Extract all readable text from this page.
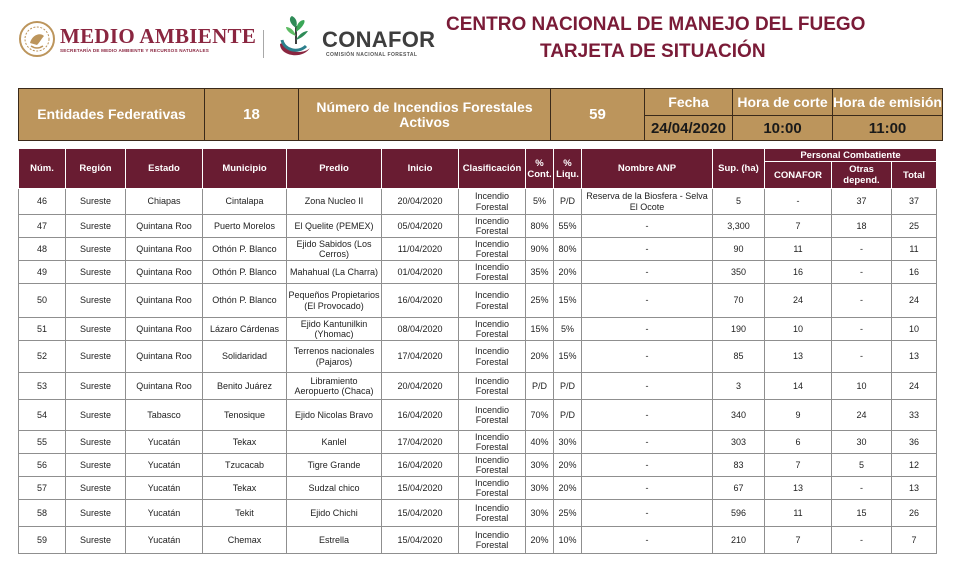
MEDIO AMBIENTE
SECRETARÍA DE MEDIO AMBIENTE Y RECURSOS NATURALES	CONAFOR
COMISIÓN NACIONAL FORESTAL
CENTRO NACIONAL DE MANEJO DEL FUEGO
TARJETA DE SITUACIÓN
Entidades Federativas	18	Número de Incendios Forestales Activos	59	Fecha	Hora de corte	Hora de emisión
				24/04/2020	10:00	11:00
Núm.	Región	Estado	Municipio	Predio	Inicio	Clasificación	% Cont.	% Liqu.	Nombre ANP	Sup. (ha)	Personal Combatiente		
											CONAFOR	Otras depend.	Total
46	Sureste	Chiapas	Cintalapa	Zona Nucleo II	20/04/2020	Incendio Forestal	5%	P/D	Reserva de la Biosfera - Selva El Ocote	5	-	37	37
47	Sureste	Quintana Roo	Puerto Morelos	El Quelite (PEMEX)	05/04/2020	Incendio Forestal	80%	55%	-	3,300	7	18	25
48	Sureste	Quintana Roo	Othón P. Blanco	Ejido Sabidos (Los Cerros)	11/04/2020	Incendio Forestal	90%	80%	-	90	11	-	11
49	Sureste	Quintana Roo	Othón P. Blanco	Mahahual (La Charra)	01/04/2020	Incendio Forestal	35%	20%	-	350	16	-	16
50	Sureste	Quintana Roo	Othón P. Blanco	Pequeños Propietarios (El Provocado)	16/04/2020	Incendio Forestal	25%	15%	-	70	24	-	24
51	Sureste	Quintana Roo	Lázaro Cárdenas	Ejido Kantunilkin (Yhomac)	08/04/2020	Incendio Forestal	15%	5%	-	190	10	-	10
52	Sureste	Quintana Roo	Solidaridad	Terrenos nacionales (Pajaros)	17/04/2020	Incendio Forestal	20%	15%	-	85	13	-	13
53	Sureste	Quintana Roo	Benito Juárez	Libramiento Aeropuerto (Chaca)	20/04/2020	Incendio Forestal	P/D	P/D	-	3	14	10	24
54	Sureste	Tabasco	Tenosique	Ejido Nicolas Bravo	16/04/2020	Incendio Forestal	70%	P/D	-	340	9	24	33
55	Sureste	Yucatán	Tekax	Kanlel	17/04/2020	Incendio Forestal	40%	30%	-	303	6	30	36
56	Sureste	Yucatán	Tzucacab	Tigre Grande	16/04/2020	Incendio Forestal	30%	20%	-	83	7	5	12
57	Sureste	Yucatán	Tekax	Sudzal chico	15/04/2020	Incendio Forestal	30%	20%	-	67	13	-	13
58	Sureste	Yucatán	Tekit	Ejido Chichi	15/04/2020	Incendio Forestal	30%	25%	-	596	11	15	26
59	Sureste	Yucatán	Chemax	Estrella	15/04/2020	Incendio Forestal	20%	10%	-	210	7	-	7
